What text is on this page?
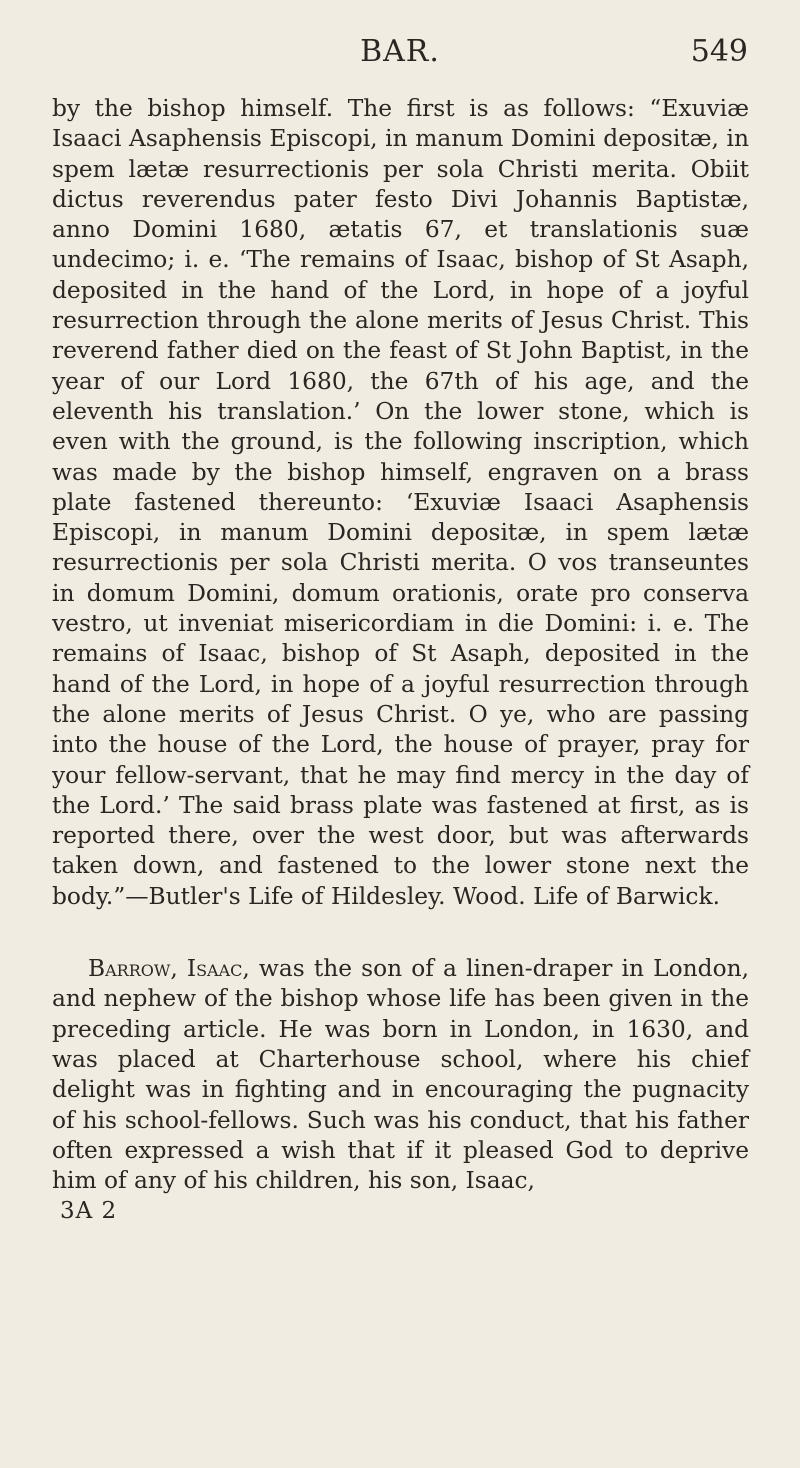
BAR.	549

by the bishop himself. The first is as follows: “Exuviæ Isaaci Asaphensis Episcopi, in manum Domini depositæ, in spem lætæ resurrectionis per sola Christi merita. Obiit dictus reverendus pater festo Divi Johannis Baptistæ, anno Domini 1680, ætatis 67, et translationis suæ undecimo; i. e. ‘The remains of Isaac, bishop of St Asaph, deposited in the hand of the Lord, in hope of a joyful resurrection through the alone merits of Jesus Christ. This reverend father died on the feast of St John Baptist, in the year of our Lord 1680, the 67th of his age, and the eleventh his translation.’ On the lower stone, which is even with the ground, is the following inscription, which was made by the bishop himself, engraven on a brass plate fastened thereunto: ‘Exuviæ Isaaci Asaphensis Episcopi, in manum Domini depositæ, in spem lætæ resurrectionis per sola Christi merita. O vos transeuntes in domum Domini, domum orationis, orate pro conserva vestro, ut inveniat misericordiam in die Domini: i. e. The remains of Isaac, bishop of St Asaph, deposited in the hand of the Lord, in hope of a joyful resurrection through the alone merits of Jesus Christ. O ye, who are passing into the house of the Lord, the house of prayer, pray for your fellow-servant, that he may find mercy in the day of the Lord.’ The said brass plate was fastened at first, as is reported there, over the west door, but was afterwards taken down, and fastened to the lower stone next the body.”—Butler's Life of Hildesley. Wood. Life of Barwick.

Barrow, Isaac, was the son of a linen-draper in London, and nephew of the bishop whose life has been given in the preceding article. He was born in London, in 1630, and was placed at Charterhouse school, where his chief delight was in fighting and in encouraging the pugnacity of his school-fellows. Such was his conduct, that his father often expressed a wish that if it pleased God to deprive him of any of his children, his son, Isaac,

3A 2
